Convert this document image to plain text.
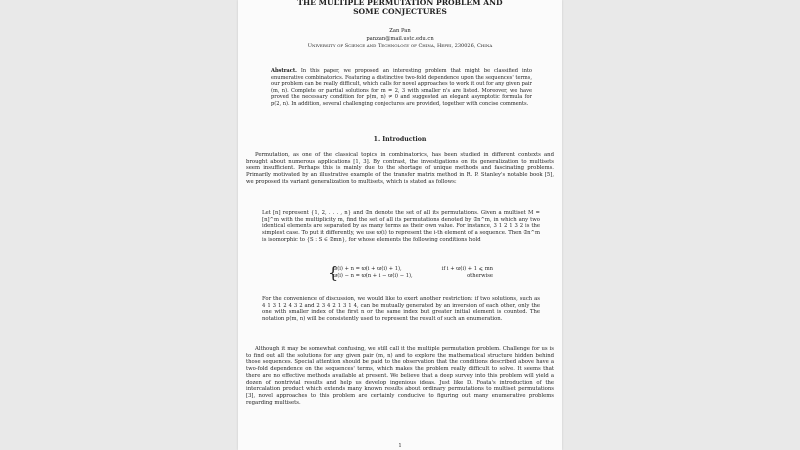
THE MULTIPLE PERMUTATION PROBLEM AND
SOME CONJECTURES
Zan Pan
panzan@mail.ustc.edu.cn
University of Science and Technology of China, Hefei, 230026, China
Abstract. In this paper, we proposed an interesting problem that might be classified into enumerative combinatorics. Featuring a distinctive two-fold dependence upon the sequences' terms, our problem can be really difficult, which calls for novel approaches to work it out for any given pair (m, n). Complete or partial solutions for m = 2, 3 with smaller n's are listed. Moreover, we have proved the necessary condition for p(m, n) ≠ 0 and suggested an elegant asymptotic formula for p(2, n). In addition, several challenging conjectures are provided, together with concise comments.
1. Introduction
Permutation, as one of the classical topics in combinatorics, has been studied in different contexts and brought about numerous applications [1, 3]. By contrast, the investigations on its generalization to multisets seem insufficient. Perhaps this is mainly due to the shortage of unique methods and fascinating problems. Primarily motivated by an illustrative example of the transfer matrix method in R. P. Stanley's notable book [5], we proposed its variant generalization to multisets, which is stated as follows:
Let [n] represent {1, 2, . . . , n} and 𝔖n denote the set of all its permutations. Given a multiset M = [n]^m with the multiplicity m, find the set of all its permutations denoted by 𝔖n^m, in which any two identical elements are separated by as many terms as their own value. For instance, 3 1 2 1 3 2 is the simplest case. To put it differently, we use ϖ(i) to represent the i-th element of a sequence. Then 𝔖n^m is isomorphic to {S : S ∈ 𝔖mn}, for whose elements the following conditions hold
{
ϖ(i) + n = ϖ(i + ϖ(i) + 1),	if i + ϖ(i) + 1 ⩽ mn
ϖ(i) − n = ϖ(n + i − ϖ(i) − 1),	otherwise
For the convenience of discussion, we would like to exert another restriction: if two solutions, such as 4 1 3 1 2 4 3 2 and 2 3 4 2 1 3 1 4, can be mutually generated by an inversion of each other, only the one with smaller index of the first n or the same index but greater initial element is counted. The notation p(m, n) will be consistently used to represent the result of such an enumeration.
Although it may be somewhat confusing, we still call it the multiple permutation problem. Challenge for us is to find out all the solutions for any given pair (m, n) and to explore the mathematical structure hidden behind those sequences. Special attention should be paid to the observation that the conditions described above have a two-fold dependence on the sequences' terms, which makes the problem really difficult to solve. It seems that there are no effective methods available at present. We believe that a deep survey into this problem will yield a dozen of nontrivial results and help us develop ingenious ideas. Just like D. Foata's introduction of the intercalation product which extends many known results about ordinary permutations to multiset permutations [3], novel approaches to this problem are certainly conducive to figuring out many enumerative problems regarding multisets.
1
